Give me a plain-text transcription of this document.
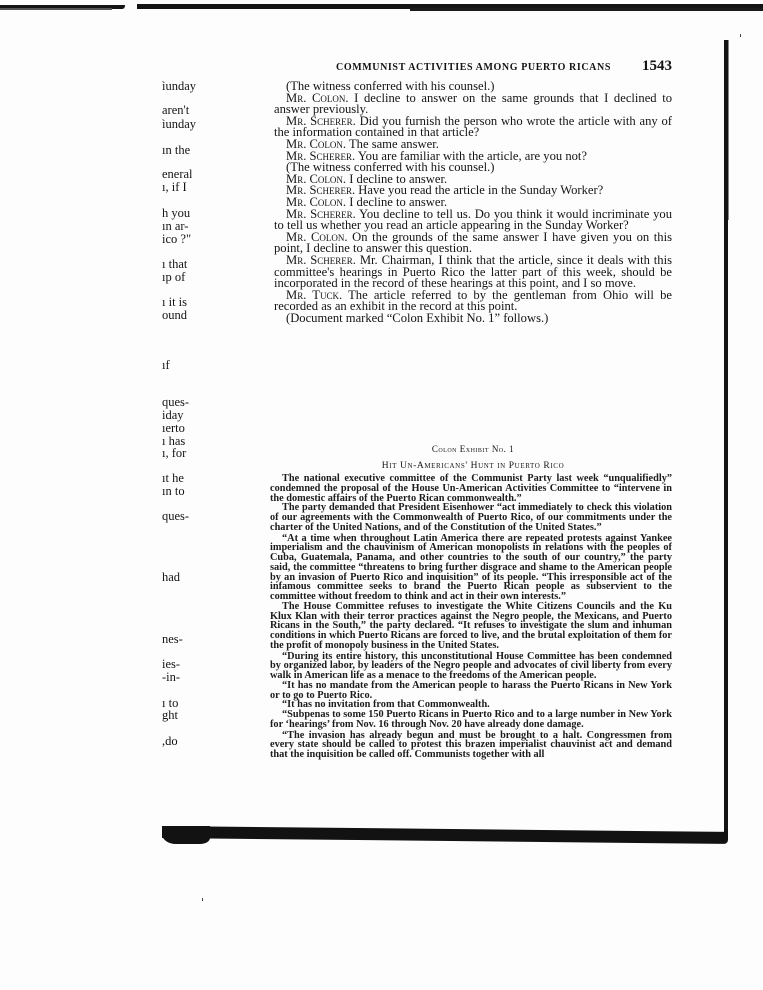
ìunday
aren't
ìunday
ın the
eneral
ı, if I
h you
ın ar-
ico ?"
ı that
ıp of
ı it is
ound
ıf
ques-
iday
ıerto
ı has
ı, for
ıt he
ın to
ques-
had
nes-
ies-
-in-
ı to
ght
,do
COMMUNIST ACTIVITIES AMONG PUERTO RICANS 1543

(The witness conferred with his counsel.)

Mr. Colon. I decline to answer on the same grounds that I declined to answer previously.

Mr. Scherer. Did you furnish the person who wrote the article with any of the information contained in that article?

Mr. Colon. The same answer.

Mr. Scherer. You are familiar with the article, are you not?

(The witness conferred with his counsel.)

Mr. Colon. I decline to answer.

Mr. Scherer. Have you read the article in the Sunday Worker?

Mr. Colon. I decline to answer.

Mr. Scherer. You decline to tell us. Do you think it would incriminate you to tell us whether you read an article appearing in the Sunday Worker?

Mr. Colon. On the grounds of the same answer I have given you on this point, I decline to answer this question.

Mr. Scherer. Mr. Chairman, I think that the article, since it deals with this committee's hearings in Puerto Rico the latter part of this week, should be incorporated in the record of these hearings at this point, and I so move.

Mr. Tuck. The article referred to by the gentleman from Ohio will be recorded as an exhibit in the record at this point.

(Document marked “Colon Exhibit No. 1” follows.)

Colon Exhibit No. 1
Hit Un-Americans' Hunt in Puerto Rico

The national executive committee of the Communist Party last week “unqualifiedly” condemned the proposal of the House Un-American Activities Committee to “intervene in the domestic affairs of the Puerto Rican commonwealth.”

The party demanded that President Eisenhower “act immediately to check this violation of our agreements with the Commonwealth of Puerto Rico, of our commitments under the charter of the United Nations, and of the Constitution of the United States.”

“At a time when throughout Latin America there are repeated protests against Yankee imperialism and the chauvinism of American monopolists in relations with the peoples of Cuba, Guatemala, Panama, and other countries to the south of our country,” the party said, the committee “threatens to bring further disgrace and shame to the American people by an invasion of Puerto Rico and inquisition” of its people. “This irresponsible act of the infamous committee seeks to brand the Puerto Rican people as subservient to the committee without freedom to think and act in their own interests.”

The House Committee refuses to investigate the White Citizens Councils and the Ku Klux Klan with their terror practices against the Negro people, the Mexicans, and Puerto Ricans in the South,” the party declared. “It refuses to investigate the slum and inhuman conditions in which Puerto Ricans are forced to live, and the brutal exploitation of them for the profit of monopoly business in the United States.

“During its entire history, this unconstitutional House Committee has been condemned by organized labor, by leaders of the Negro people and advocates of civil liberty from every walk in American life as a menace to the freedoms of the American people.

“It has no mandate from the American people to harass the Puerto Ricans in New York or to go to Puerto Rico.

“It has no invitation from that Commonwealth.

“Subpenas to some 150 Puerto Ricans in Puerto Rico and to a large number in New York for ‘hearings’ from Nov. 16 through Nov. 20 have already done damage.

“The invasion has already begun and must be brought to a halt. Congressmen from every state should be called to protest this brazen imperialist chauvinist act and demand that the inquisition be called off. Communists together with all
